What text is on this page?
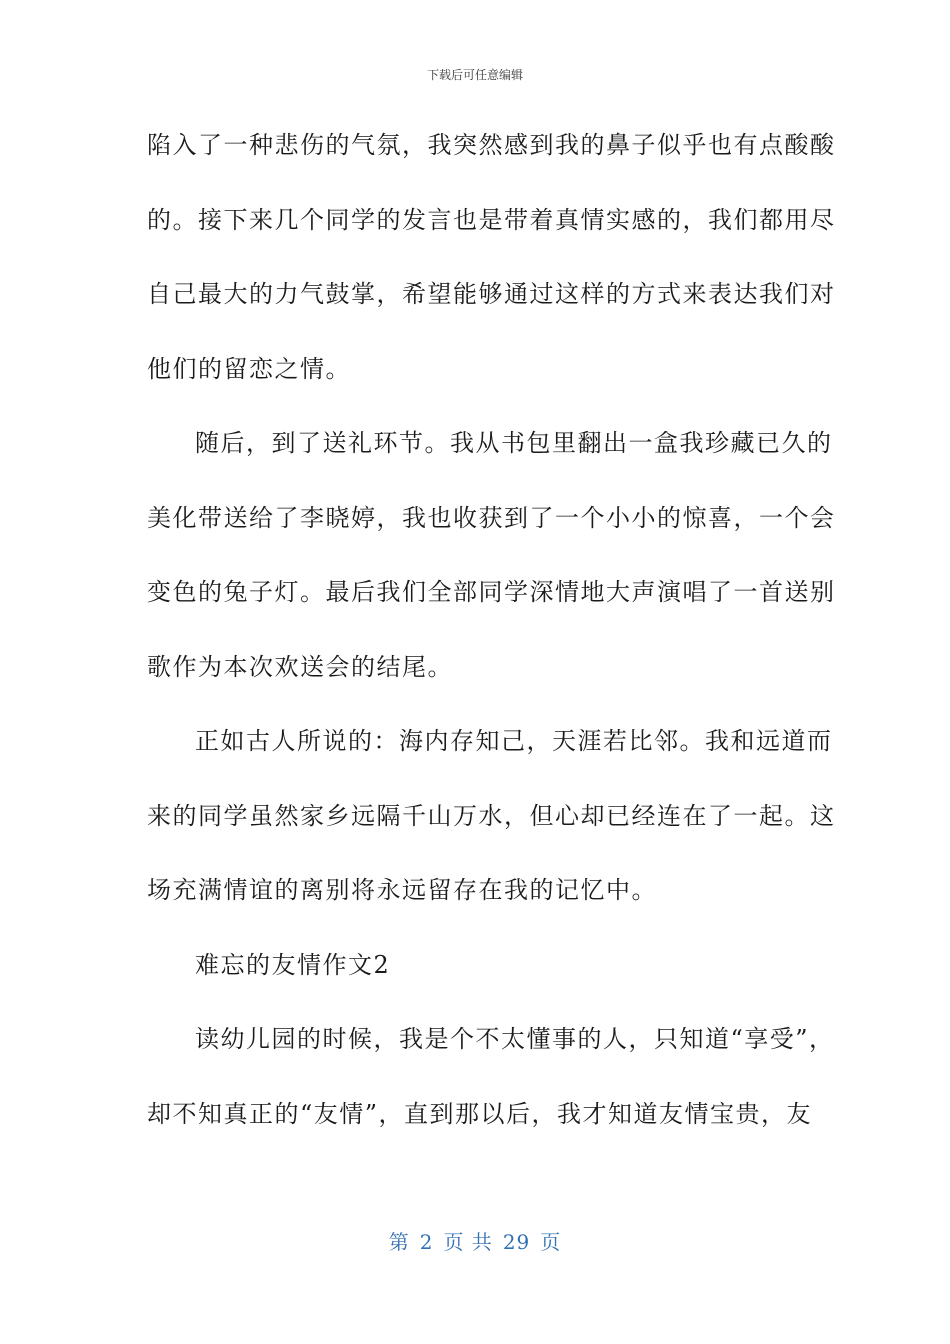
下载后可任意编辑
陷入了一种悲伤的气氛，我突然感到我的鼻子似乎也有点酸酸
的。接下来几个同学的发言也是带着真情实感的，我们都用尽
自己最大的力气鼓掌，希望能够通过这样的方式来表达我们对
他们的留恋之情。
随后，到了送礼环节。我从书包里翻出一盒我珍藏已久的
美化带送给了李晓婷，我也收获到了一个小小的惊喜，一个会
变色的兔子灯。最后我们全部同学深情地大声演唱了一首送别
歌作为本次欢送会的结尾。
正如古人所说的：海内存知己，天涯若比邻。我和远道而
来的同学虽然家乡远隔千山万水，但心却已经连在了一起。这
场充满情谊的离别将永远留存在我的记忆中。
难忘的友情作文2
读幼儿园的时候，我是个不太懂事的人，只知道“享受”，
却不知真正的“友情”，直到那以后，我才知道友情宝贵，友
第 2 页 共 29 页
